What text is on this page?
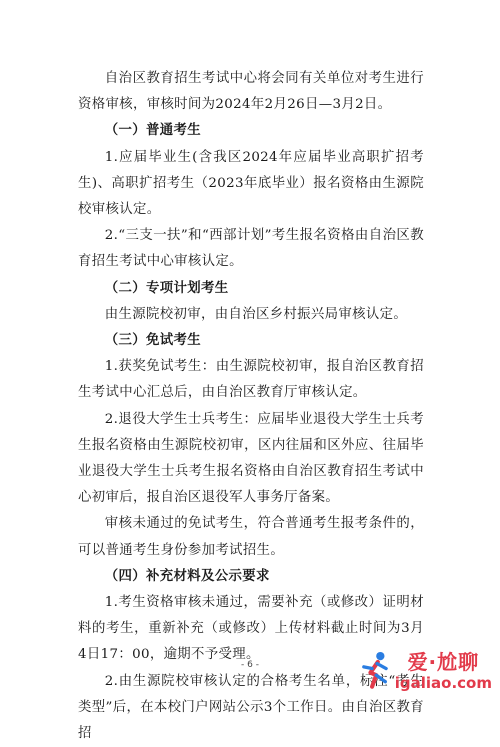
自治区教育招生考试中心将会同有关单位对考生进行资格审核，审核时间为2024年2月26日—3月2日。

（一）普通考生

1.应届毕业生(含我区2024年应届毕业高职扩招考生)、高职扩招考生（2023年底毕业）报名资格由生源院校审核认定。

2.“三支一扶”和“西部计划”考生报名资格由自治区教育招生考试中心审核认定。

（二）专项计划考生

由生源院校初审，由自治区乡村振兴局审核认定。

（三）免试考生

1.获奖免试考生：由生源院校初审，报自治区教育招生考试中心汇总后，由自治区教育厅审核认定。

2.退役大学生士兵考生：应届毕业退役大学生士兵考生报名资格由生源院校初审，区内往届和区外应、往届毕业退役大学生士兵考生报名资格由自治区教育招生考试中心初审后，报自治区退役军人事务厅备案。

审核未通过的免试考生，符合普通考生报考条件的，可以普通考生身份参加考试招生。

（四）补充材料及公示要求

1.考生资格审核未通过，需要补充（或修改）证明材料的考生，重新补充（或修改）上传材料截止时间为3月4日17：00，逾期不予受理。

2.由生源院校审核认定的合格考生名单，标注“考生类型”后，在本校门户网站公示3个工作日。由自治区教育招

- 6 -	爱·尬聊
igaliao.com
